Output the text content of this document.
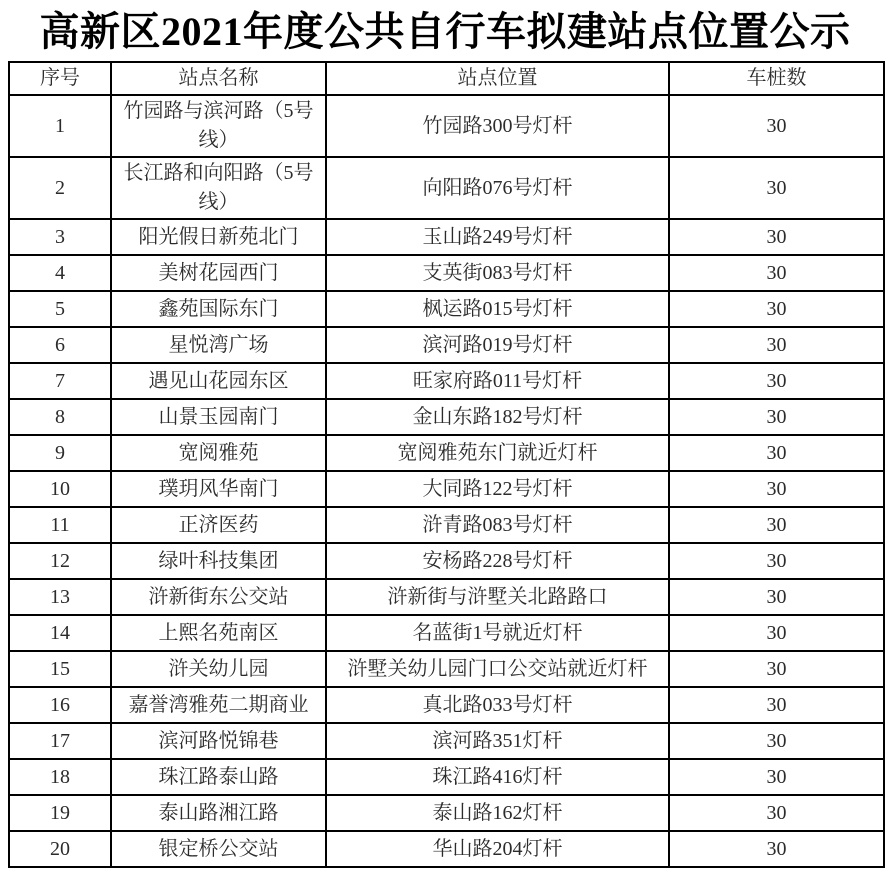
高新区2021年度公共自行车拟建站点位置公示
序号	站点名称	站点位置	车桩数
1	竹园路与滨河路（5号线）	竹园路300号灯杆	30
2	长江路和向阳路（5号线）	向阳路076号灯杆	30
3	阳光假日新苑北门	玉山路249号灯杆	30
4	美树花园西门	支英街083号灯杆	30
5	鑫苑国际东门	枫运路015号灯杆	30
6	星悦湾广场	滨河路019号灯杆	30
7	遇见山花园东区	旺家府路011号灯杆	30
8	山景玉园南门	金山东路182号灯杆	30
9	宽阅雅苑	宽阅雅苑东门就近灯杆	30
10	璞玥风华南门	大同路122号灯杆	30
11	正济医药	浒青路083号灯杆	30
12	绿叶科技集团	安杨路228号灯杆	30
13	浒新街东公交站	浒新街与浒墅关北路路口	30
14	上熙名苑南区	名蓝街1号就近灯杆	30
15	浒关幼儿园	浒墅关幼儿园门口公交站就近灯杆	30
16	嘉誉湾雅苑二期商业	真北路033号灯杆	30
17	滨河路悦锦巷	滨河路351灯杆	30
18	珠江路泰山路	珠江路416灯杆	30
19	泰山路湘江路	泰山路162灯杆	30
20	银定桥公交站	华山路204灯杆	30
